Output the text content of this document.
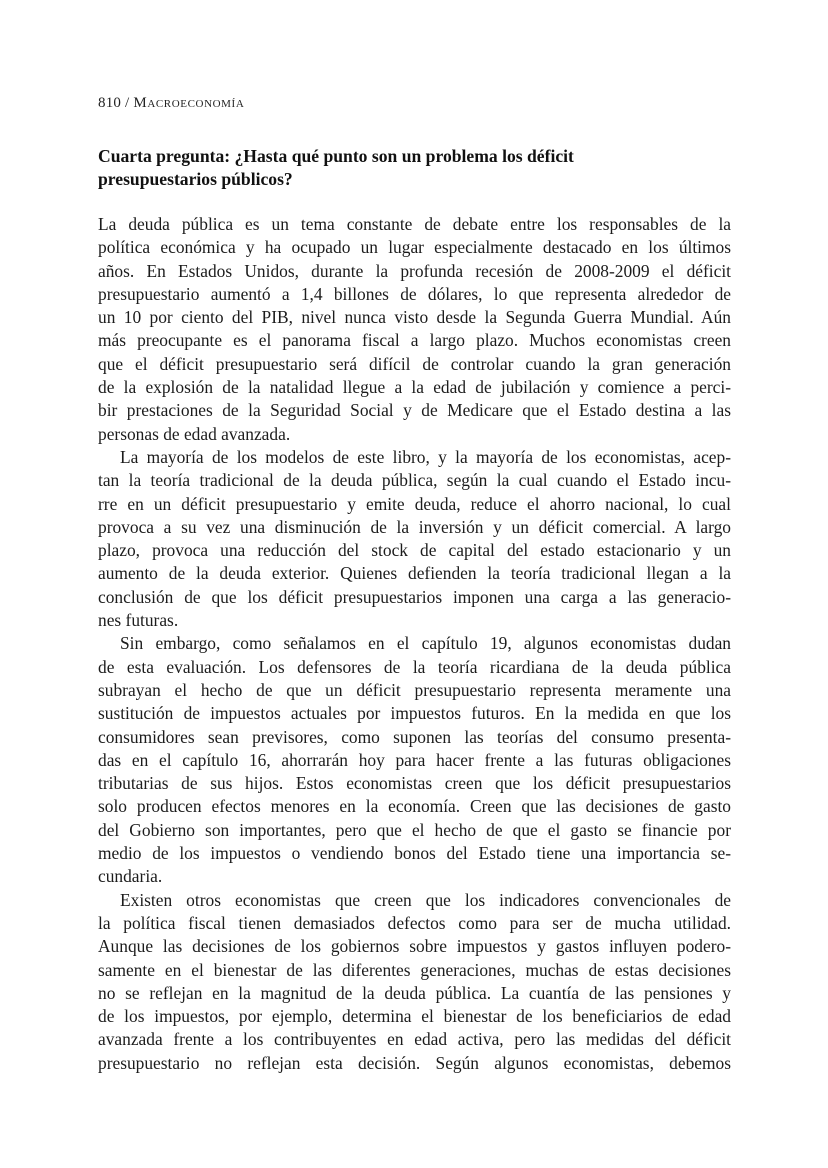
810 / Macroeconomía
Cuarta pregunta: ¿Hasta qué punto son un problema los déficit
presupuestarios públicos?

La deuda pública es un tema constante de debate entre los responsables de la
política económica y ha ocupado un lugar especialmente destacado en los últimos
años. En Estados Unidos, durante la profunda recesión de 2008-2009 el déficit
presupuestario aumentó a 1,4 billones de dólares, lo que representa alrededor de
un 10 por ciento del PIB, nivel nunca visto desde la Segunda Guerra Mundial. Aún
más preocupante es el panorama fiscal a largo plazo. Muchos economistas creen
que el déficit presupuestario será difícil de controlar cuando la gran generación
de la explosión de la natalidad llegue a la edad de jubilación y comience a perci-
bir prestaciones de la Seguridad Social y de Medicare que el Estado destina a las
personas de edad avanzada.

La mayoría de los modelos de este libro, y la mayoría de los economistas, acep-
tan la teoría tradicional de la deuda pública, según la cual cuando el Estado incu-
rre en un déficit presupuestario y emite deuda, reduce el ahorro nacional, lo cual
provoca a su vez una disminución de la inversión y un déficit comercial. A largo
plazo, provoca una reducción del stock de capital del estado estacionario y un
aumento de la deuda exterior. Quienes defienden la teoría tradicional llegan a la
conclusión de que los déficit presupuestarios imponen una carga a las generacio-
nes futuras.

Sin embargo, como señalamos en el capítulo 19, algunos economistas dudan
de esta evaluación. Los defensores de la teoría ricardiana de la deuda pública
subrayan el hecho de que un déficit presupuestario representa meramente una
sustitución de impuestos actuales por impuestos futuros. En la medida en que los
consumidores sean previsores, como suponen las teorías del consumo presenta-
das en el capítulo 16, ahorrarán hoy para hacer frente a las futuras obligaciones
tributarias de sus hijos. Estos economistas creen que los déficit presupuestarios
solo producen efectos menores en la economía. Creen que las decisiones de gasto
del Gobierno son importantes, pero que el hecho de que el gasto se financie por
medio de los impuestos o vendiendo bonos del Estado tiene una importancia se-
cundaria.

Existen otros economistas que creen que los indicadores convencionales de
la política fiscal tienen demasiados defectos como para ser de mucha utilidad.
Aunque las decisiones de los gobiernos sobre impuestos y gastos influyen podero-
samente en el bienestar de las diferentes generaciones, muchas de estas decisiones
no se reflejan en la magnitud de la deuda pública. La cuantía de las pensiones y
de los impuestos, por ejemplo, determina el bienestar de los beneficiarios de edad
avanzada frente a los contribuyentes en edad activa, pero las medidas del déficit
presupuestario no reflejan esta decisión. Según algunos economistas, debemos
